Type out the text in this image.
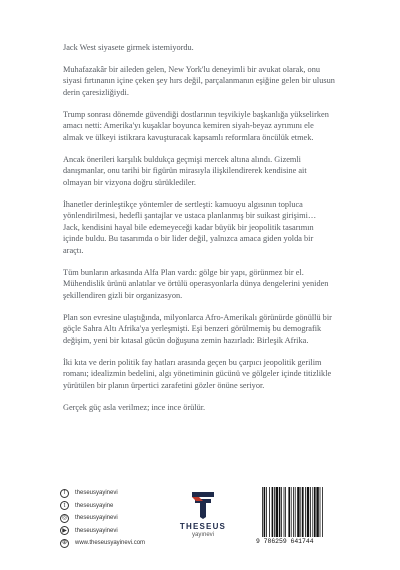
Jack West siyasete girmek istemiyordu.

Muhafazakâr bir aileden gelen, New York'lu deneyimli bir avukat olarak, onu siyasi fırtınanın içine çeken şey hırs değil, parçalanmanın eşiğine gelen bir ulusun derin çaresizliğiydi.

Trump sonrası dönemde güvendiği dostlarının teşvikiyle başkanlığa yükselirken amacı netti: Amerika'yı kuşaklar boyunca kemiren siyah-beyaz ayrımını ele almak ve ülkeyi istikrara kavuşturacak kapsamlı reformlara öncülük etmek.

Ancak önerileri karşılık buldukça geçmişi mercek altına alındı. Gizemli danışmanlar, onu tarihi bir figürün mirasıyla ilişkilendirerek kendisine ait olmayan bir vizyona doğru sürüklediler.

İhanetler derinleştikçe yöntemler de sertleşti: kamuoyu algısının topluca yönlendirilmesi, hedefli şantajlar ve ustaca planlanmış bir suikast girişimi… Jack, kendisini hayal bile edemeyeceği kadar büyük bir jeopolitik tasarımın içinde buldu. Bu tasarımda o bir lider değil, yalnızca amaca giden yolda bir araçtı.

Tüm bunların arkasında Alfa Plan vardı: gölge bir yapı, görünmez bir el. Mühendislik ürünü anlatılar ve örtülü operasyonlarla dünya dengelerini yeniden şekillendiren gizli bir organizasyon.

Plan son evresine ulaştığında, milyonlarca Afro-Amerikalı görünürde gönüllü bir göçle Sahra Altı Afrika'ya yerleşmişti. Eşi benzeri görülmemiş bu demografik değişim, yeni bir kıtasal gücün doğuşuna zemin hazırladı: Birleşik Afrika.

İki kıta ve derin politik fay hatları arasında geçen bu çarpıcı jeopolitik gerilim romanı; idealizmin bedelini, algı yönetiminin gücünü ve gölgeler içinde titizlikle yürütülen bir planın ürpertici zarafetini gözler önüne seriyor.

Gerçek güç asla verilmez; ince ince örülür.

f	theseusyayinevi
t	theseusyayine
◎	theseusyayinevi
▶	theseusyayinevi
⊕	www.theseusyayinevi.com
THESEUS
yayınevi
9 786259 641744
